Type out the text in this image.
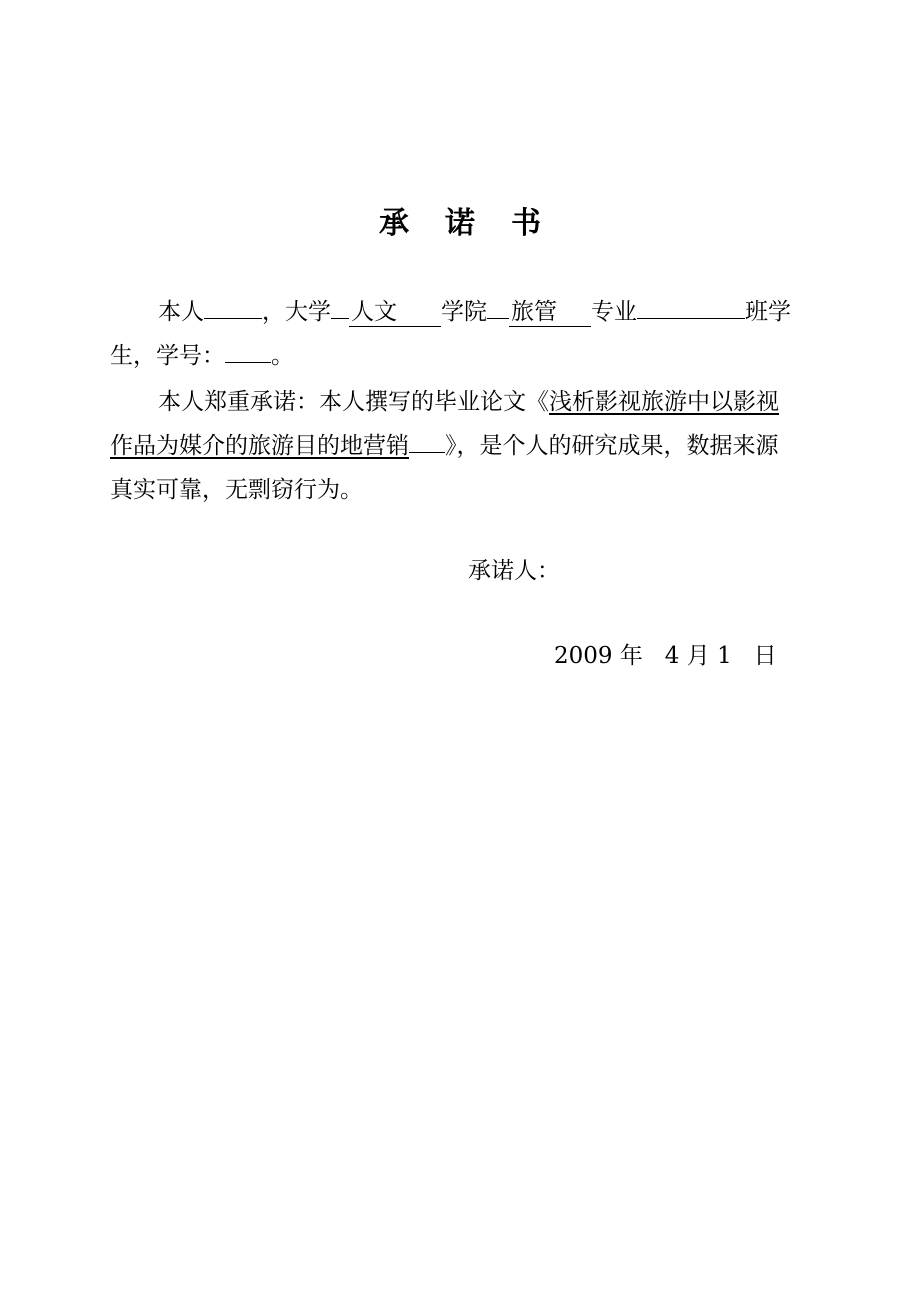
承 诺 书
本人	，大学 人文 学院 旅管 专业	班学
生，学号： 。
本人郑重承诺：本人撰写的毕业论文《浅析影视旅游中以影视
作品为媒介的旅游目的地营销 》，是个人的研究成果，数据来源
真实可靠，无剽窃行为。
承诺人：
2009 年 4 月 1 日
